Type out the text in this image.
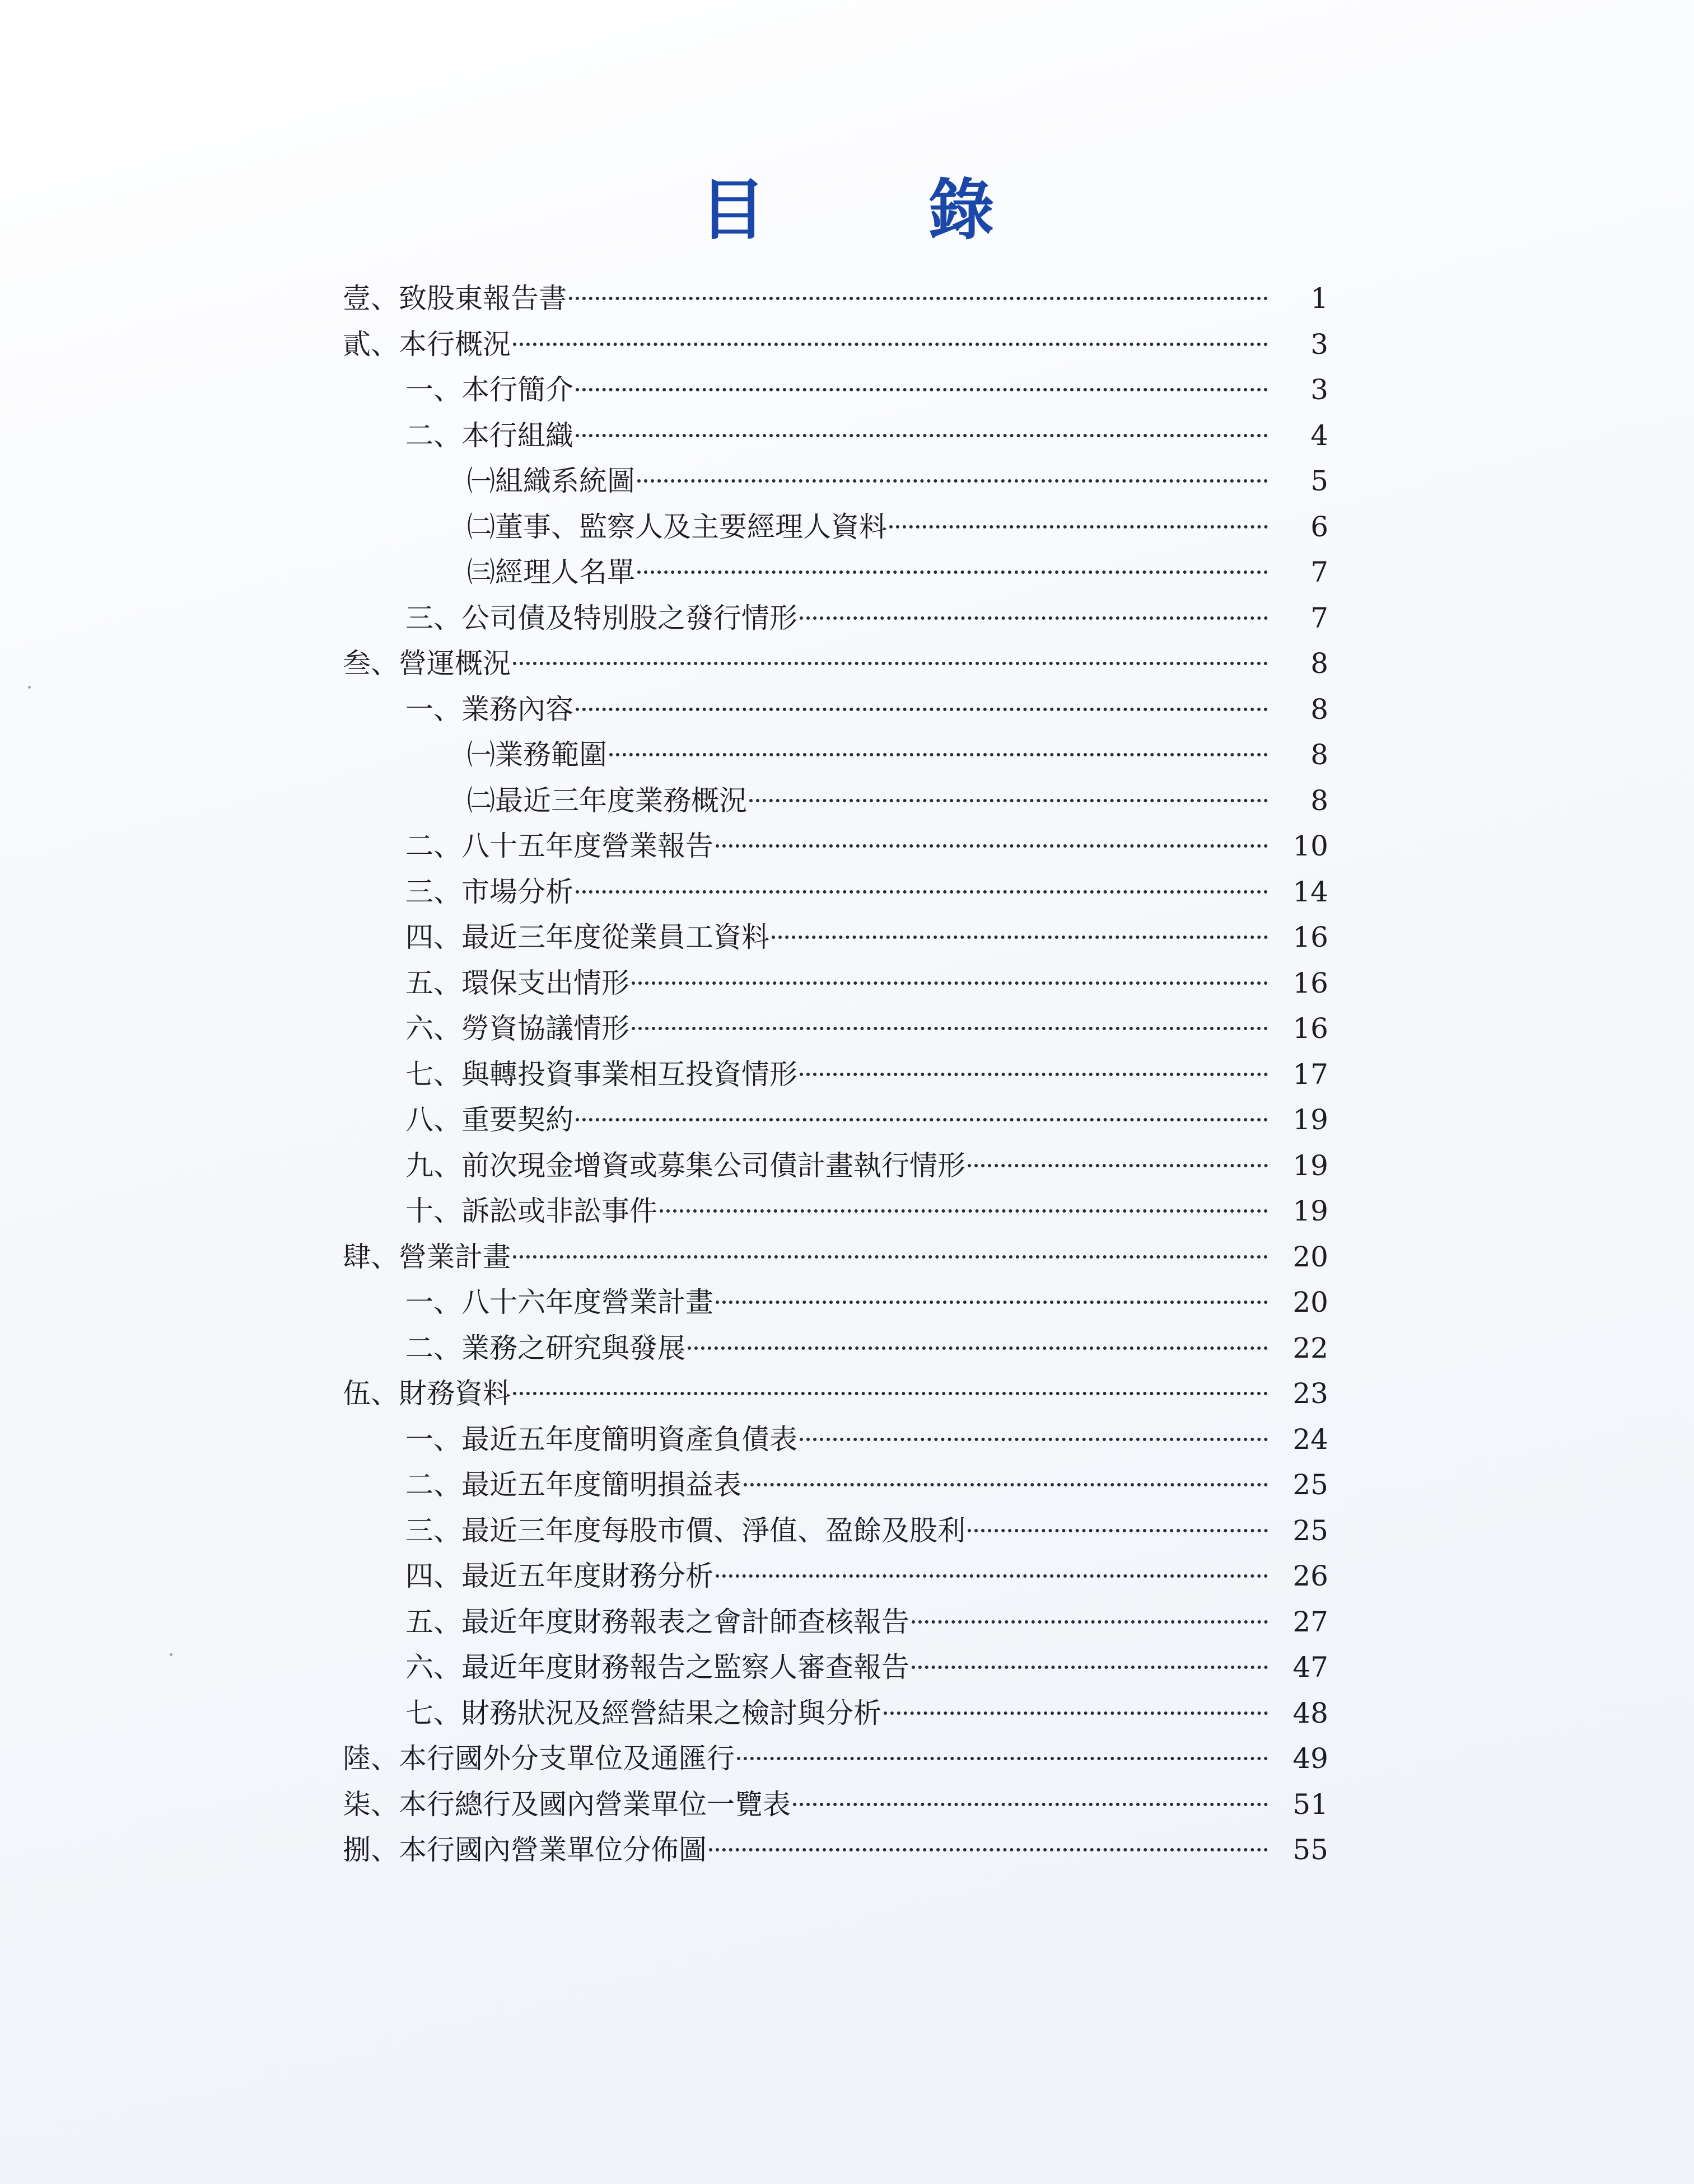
目 錄
壹、致股東報告書	1
貳、本行概況	3
一、本行簡介	3
二、本行組織	4
㈠組織系統圖	5
㈡董事、監察人及主要經理人資料	6
㈢經理人名單	7
三、公司債及特別股之發行情形	7
叁、營運概況	8
一、業務內容	8
㈠業務範圍	8
㈡最近三年度業務概況	8
二、八十五年度營業報告	10
三、市場分析	14
四、最近三年度從業員工資料	16
五、環保支出情形	16
六、勞資協議情形	16
七、與轉投資事業相互投資情形	17
八、重要契約	19
九、前次現金增資或募集公司債計畫執行情形	19
十、訴訟或非訟事件	19
肆、營業計畫	20
一、八十六年度營業計畫	20
二、業務之研究與發展	22
伍、財務資料	23
一、最近五年度簡明資產負債表	24
二、最近五年度簡明損益表	25
三、最近三年度每股市價、淨值、盈餘及股利	25
四、最近五年度財務分析	26
五、最近年度財務報表之會計師查核報告	27
六、最近年度財務報告之監察人審查報告	47
七、財務狀況及經營結果之檢討與分析	48
陸、本行國外分支單位及通匯行	49
柒、本行總行及國內營業單位一覽表	51
捌、本行國內營業單位分佈圖	55
